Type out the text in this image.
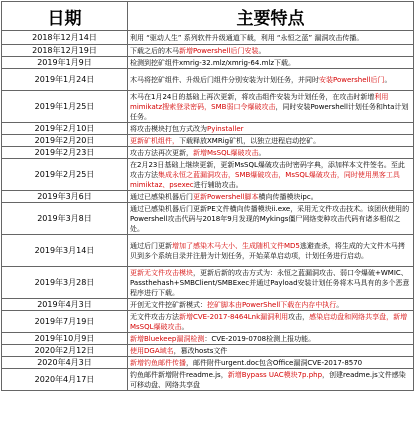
日期	主要特点
2018年12月14日	利用 “驱动人生” 系列软件升级通道下载，利用 “永恒之蓝” 漏洞攻击传播。
2018年12月19日	下载之后的木马新增Powershell后门安装。
2019年1月9日	检测到挖矿组件xmrig-32.mlz/xmrig-64.mlz下载。
2019年1月24日	木马将挖矿组件、升级后门组件分别安装为计划任务，并同时安装Powershell后门。
2019年1月25日	木马在1月24日的基础上再次更新，将攻击组件安装为计划任务，在攻击时新增利用mimikatz搜索登录密码，SMB弱口令爆破攻击，同时安装Powershell计划任务和hta计划任务。
2019年2月10日	将攻击模块打包方式改为Pyinstaller
2019年2月20日	更新矿机组件，下载释放XMRig矿机，以独立进程启动挖矿。
2019年2月23日	攻击方法再次更新，新增MsSQL爆破攻击。
2019年2月25日	在2月23日基础上继续更新，更新MsSQL爆破攻击时密码字典，添加样本文件签名。至此攻击方法集成永恒之蓝漏洞攻击，SMB爆破攻击，MsSQL爆破攻击，同时使用黑客工具mimiktaz、psexec进行辅助攻击。
2019年3月6日	通过已感染机器后门更新Powershell脚本横向传播模块ipc。
2019年3月8日	通过已感染机器后门更新PE文件横向传播模块ii.exe，采用无文件攻击技术。该团伙使用的Powershell攻击代码与2018年9月发现的Mykings僵尸网络变种攻击代码有诸多相似之处。
2019年3月14日	通过后门更新增加了感染木马大小、生成随机文件MD5逃避查杀，将生成的大文件木马拷贝到多个系统目录并注册为计划任务，开始菜单启动项，计划任务进行启动。
2019年3月28日	更新无文件攻击模块，更新后新的攻击方式为：永恒之蓝漏洞攻击、弱口令爆破+WMIC、Passthehash+SMBClient/SMBExec并通过Payload安装计划任务将木马具有的多个恶意程序进行下载。
2019年4月3日	开创无文件挖矿新模式：挖矿脚本由PowerShell下载在内存中执行。
2019年7月19日	无文件攻击方法新增CVE-2017-8464Lnk漏洞利用攻击，感染启动盘和网络共享盘，新增MsSQL爆破攻击。
2019年10月9日	新增Bluekeep漏洞检测：CVE-2019-0708检测上报功能。
2020年2月12日	使用DGA域名，篡改hosts文件
2020年4月3日	新增钓鱼邮件传播，邮件附件urgent.doc包含Office漏洞CVE-2017-8570
2020年4月17日	钓鱼邮件新增附件readme.js，新增Bypass UAC模块7p.php，创建readme.js文件感染可移动盘、网络共享盘
